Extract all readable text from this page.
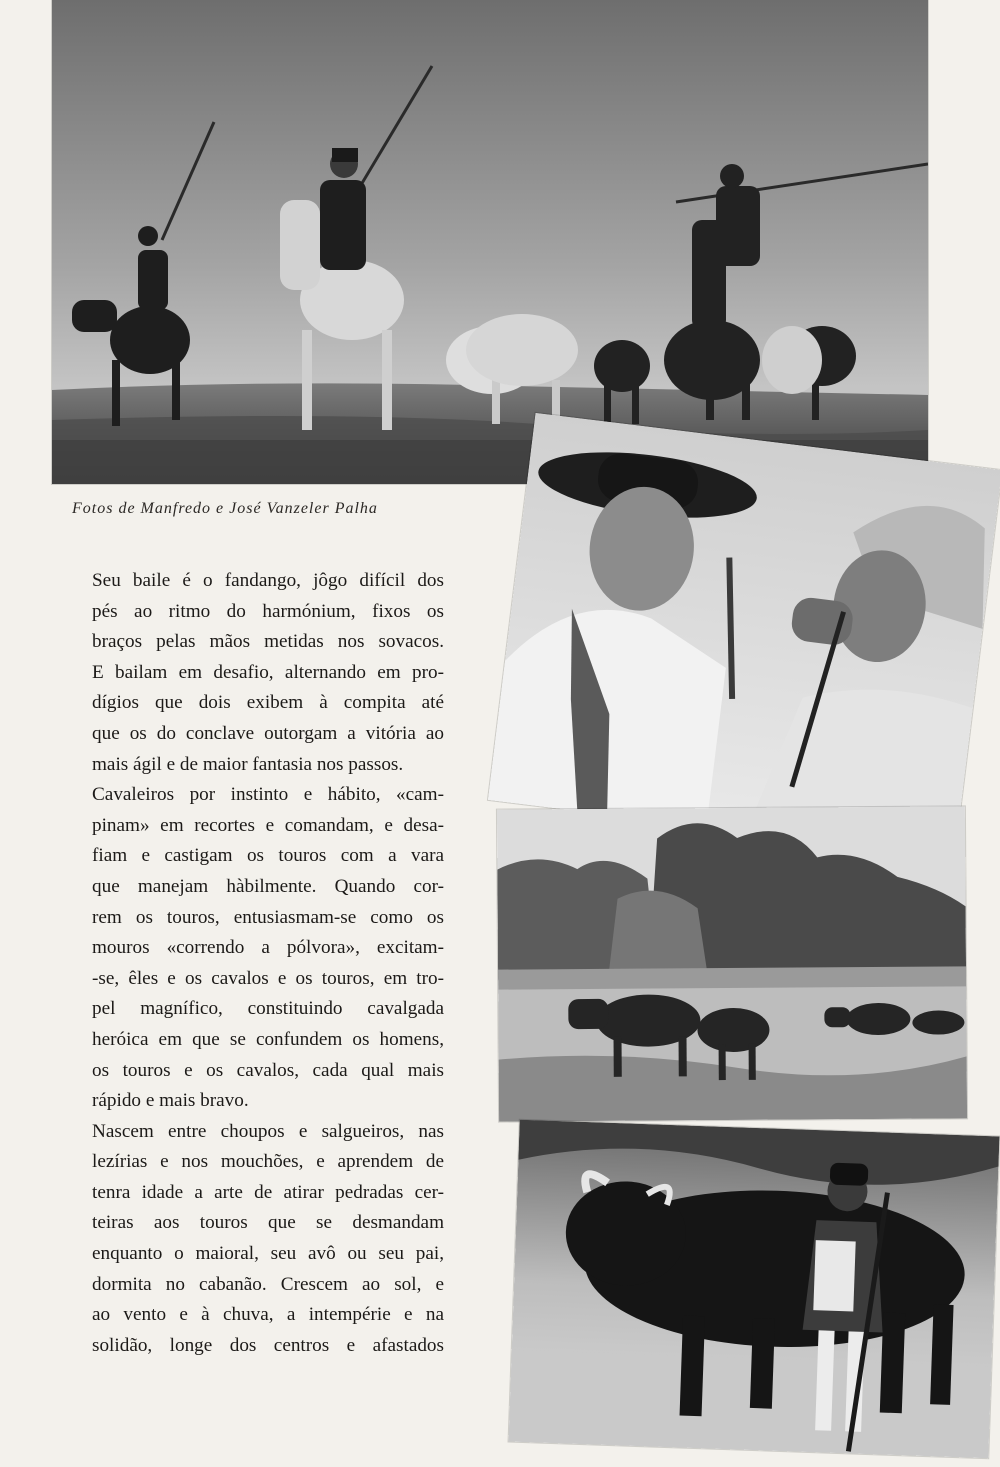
Fotos de Manfredo e José Vanzeler Palha

Seu baile é o fandango, jôgo difícil dos
pés ao ritmo do harmónium, fixos os
braços pelas mãos metidas nos sovacos.
E bailam em desafio, alternando em pro-
dígios que dois exibem à compita até
que os do conclave outorgam a vitória ao
mais ágil e de maior fantasia nos passos.

Cavaleiros por instinto e hábito, «cam-
pinam» em recortes e comandam, e desa-
fiam e castigam os touros com a vara
que manejam hàbilmente. Quando cor-
rem os touros, entusiasmam-se como os
mouros «correndo a pólvora», excitam-
-se, êles e os cavalos e os touros, em tro-
pel magnífico, constituindo cavalgada
heróica em que se confundem os homens,
os touros e os cavalos, cada qual mais
rápido e mais bravo.

Nascem entre choupos e salgueiros, nas
lezírias e nos mouchões, e aprendem de
tenra idade a arte de atirar pedradas cer-
teiras aos touros que se desmandam
enquanto o maioral, seu avô ou seu pai,
dormita no cabanão. Crescem ao sol, e
ao vento e à chuva, a intempérie e na
solidão, longe dos centros e afastados
